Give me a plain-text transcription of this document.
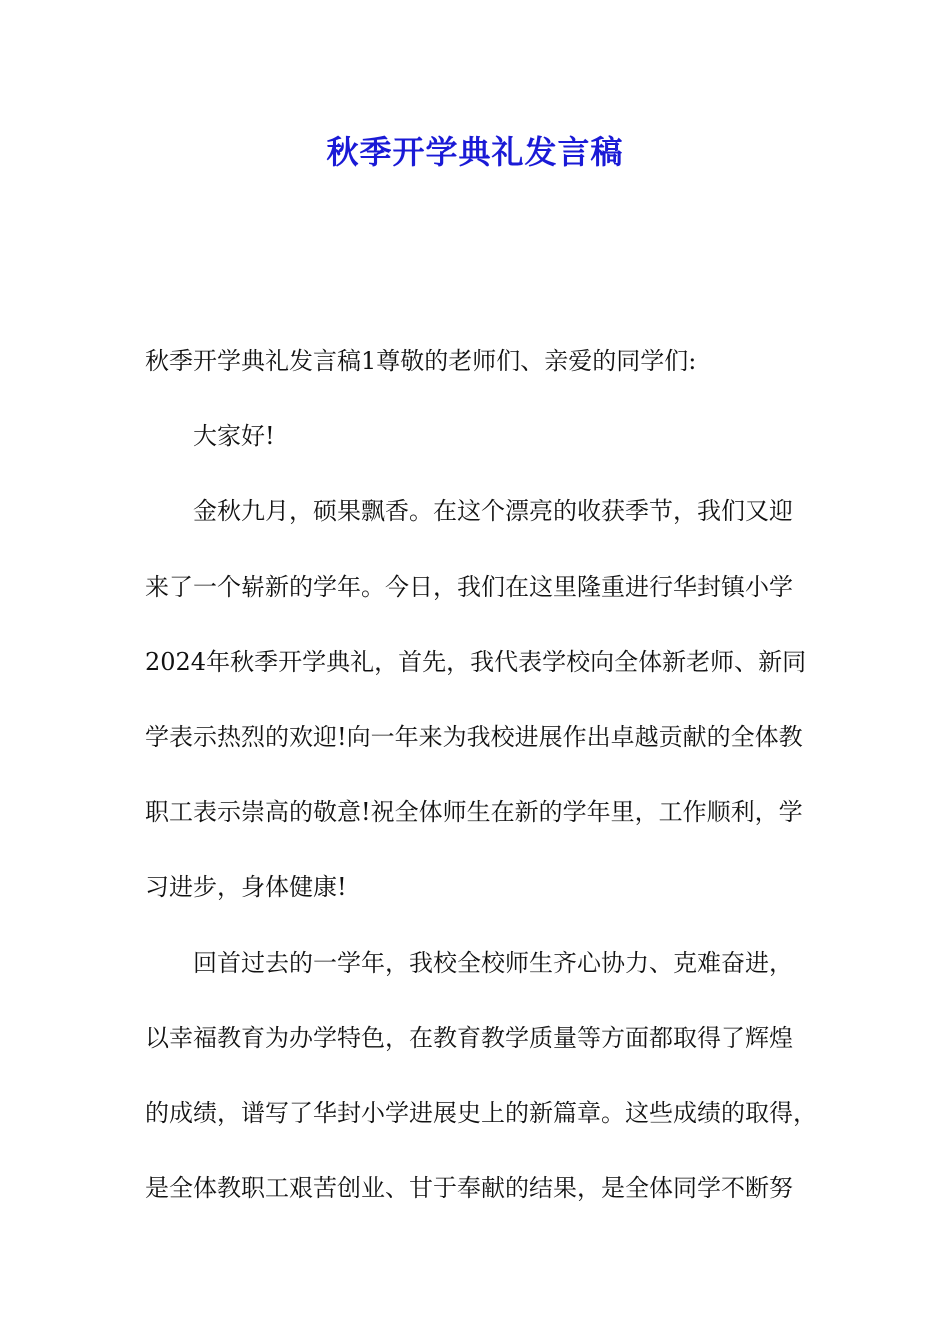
秋季开学典礼发言稿
秋季开学典礼发言稿1尊敬的老师们、亲爱的同学们:
大家好!
金秋九月，硕果飘香。在这个漂亮的收获季节，我们又迎
来了一个崭新的学年。今日，我们在这里隆重进行华封镇小学
2024年秋季开学典礼，首先，我代表学校向全体新老师、新同
学表示热烈的欢迎!向一年来为我校进展作出卓越贡献的全体教
职工表示崇高的敬意!祝全体师生在新的学年里，工作顺利，学
习进步，身体健康!
回首过去的一学年，我校全校师生齐心协力、克难奋进，
以幸福教育为办学特色，在教育教学质量等方面都取得了辉煌
的成绩，谱写了华封小学进展史上的新篇章。这些成绩的取得，
是全体教职工艰苦创业、甘于奉献的结果，是全体同学不断努
